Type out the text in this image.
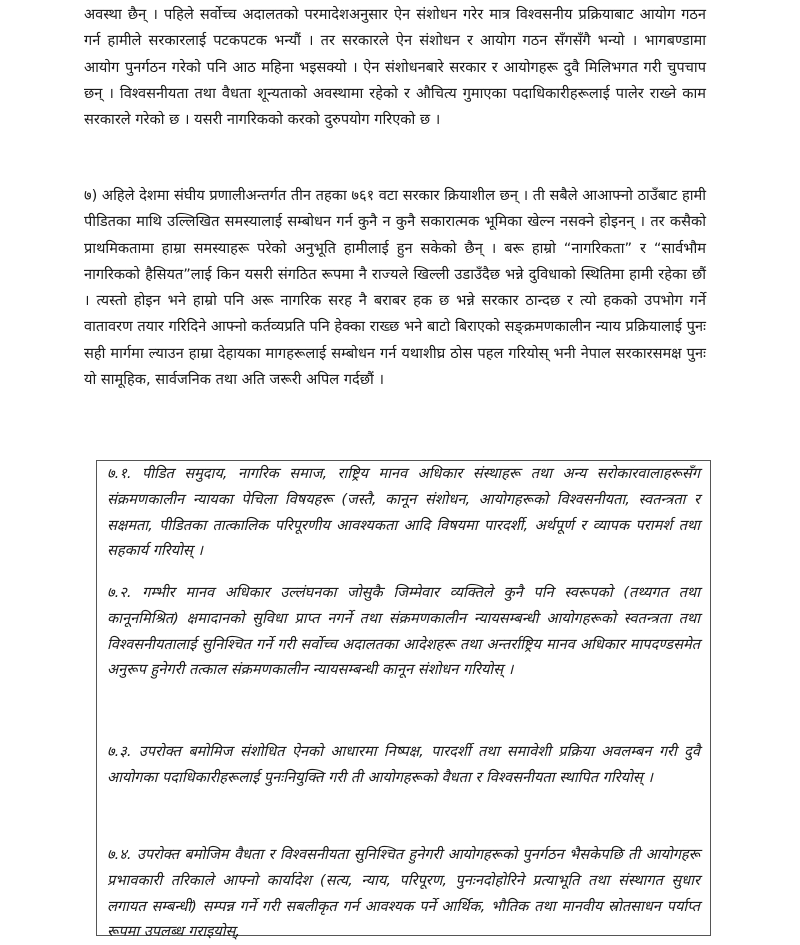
अवस्था छैन् । पहिले सर्वोच्च अदालतको परमादेशअनुसार ऐन संशोधन गरेर मात्र विश्वसनीय प्रक्रियाबाट आयोग गठन गर्न हामीले सरकारलाई पटकपटक भन्यौं । तर सरकारले ऐन संशोधन र आयोग गठन सँगसँगै भन्यो । भागबण्डामा आयोग पुनर्गठन गरेको पनि आठ महिना भइसक्यो । ऐन संशोधनबारे सरकार र आयोगहरू दुवै मिलिभगत गरी चुपचाप छन् । विश्वसनीयता तथा वैधता शून्यताको अवस्थामा रहेको र औचित्य गुमाएका पदाधिकारीहरूलाई पालेर राख्ने काम सरकारले गरेको छ । यसरी नागरिकको करको दुरुपयोग गरिएको छ ।

७) अहिले देशमा संघीय प्रणालीअन्तर्गत तीन तहका ७६१ वटा सरकार क्रियाशील छन् । ती सबैले आआफ्नो ठाउँबाट हामी पीडितका माथि उल्लिखित समस्यालाई सम्बोधन गर्न कुनै न कुनै सकारात्मक भूमिका खेल्न नसक्ने होइनन् । तर कसैको प्राथमिकतामा हाम्रा समस्याहरू परेको अनुभूति हामीलाई हुन सकेको छैन् । बरू हाम्रो “नागरिकता” र “सार्वभौम नागरिकको हैसियत”लाई किन यसरी संगठित रूपमा नै राज्यले खिल्ली उडाउँदैछ भन्ने दुविधाको स्थितिमा हामी रहेका छौं । त्यस्तो होइन भने हाम्रो पनि अरू नागरिक सरह नै बराबर हक छ भन्ने सरकार ठान्दछ र त्यो हकको उपभोग गर्ने वातावरण तयार गरिदिने आफ्नो कर्तव्यप्रति पनि हेक्का राख्छ भने बाटो बिराएको सङ्क्रमणकालीन न्याय प्रक्रियालाई पुनः सही मार्गमा ल्याउन हाम्रा देहायका मागहरूलाई सम्बोधन गर्न यथाशीघ्र ठोस पहल गरियोस् भनी नेपाल सरकारसमक्ष पुनः यो सामूहिक, सार्वजनिक तथा अति जरूरी अपिल गर्दछौं ।

७.१. पीडित समुदाय, नागरिक समाज, राष्ट्रिय मानव अधिकार संस्थाहरू तथा अन्य सरोकारवालाहरूसँग संक्रमणकालीन न्यायका पेचिला विषयहरू (जस्तै, कानून संशोधन, आयोगहरूको विश्वसनीयता, स्वतन्त्रता र सक्षमता, पीडितका तात्कालिक परिपूरणीय आवश्यकता आदि विषयमा पारदर्शी, अर्थपूर्ण र व्यापक परामर्श तथा सहकार्य गरियोस् ।

७.२. गम्भीर मानव अधिकार उल्लंघनका जोसुकै जिम्मेवार व्यक्तिले कुनै पनि स्वरूपको (तथ्यगत तथा कानूनमिश्रित) क्षमादानको सुविधा प्राप्त नगर्ने तथा संक्रमणकालीन न्यायसम्बन्धी आयोगहरूको स्वतन्त्रता तथा विश्वसनीयतालाई सुनिश्चित गर्ने गरी सर्वोच्च अदालतका आदेशहरू तथा अन्तर्राष्ट्रिय मानव अधिकार मापदण्डसमेत अनुरूप हुनेगरी तत्काल संक्रमणकालीन न्यायसम्बन्धी कानून संशोधन गरियोस् ।

७.३. उपरोक्त बमोमिज संशोधित ऐनको आधारमा निष्पक्ष, पारदर्शी तथा समावेशी प्रक्रिया अवलम्बन गरी दुवै आयोगका पदाधिकारीहरूलाई पुनःनियुक्ति गरी ती आयोगहरूको वैधता र विश्वसनीयता स्थापित गरियोस् ।

७.४. उपरोक्त बमोजिम वैधता र विश्वसनीयता सुनिश्चित हुनेगरी आयोगहरूको पुनर्गठन भैसकेपछि ती आयोगहरू प्रभावकारी तरिकाले आफ्नो कार्यादेश (सत्य, न्याय, परिपूरण, पुनःनदोहोरिने प्रत्याभूति तथा संस्थागत सुधार लगायत सम्बन्धी) सम्पन्न गर्ने गरी सबलीकृत गर्न आवश्यक पर्ने आर्थिक, भौतिक तथा मानवीय स्रोतसाधन पर्याप्त रूपमा उपलब्ध गराइयोस्,
